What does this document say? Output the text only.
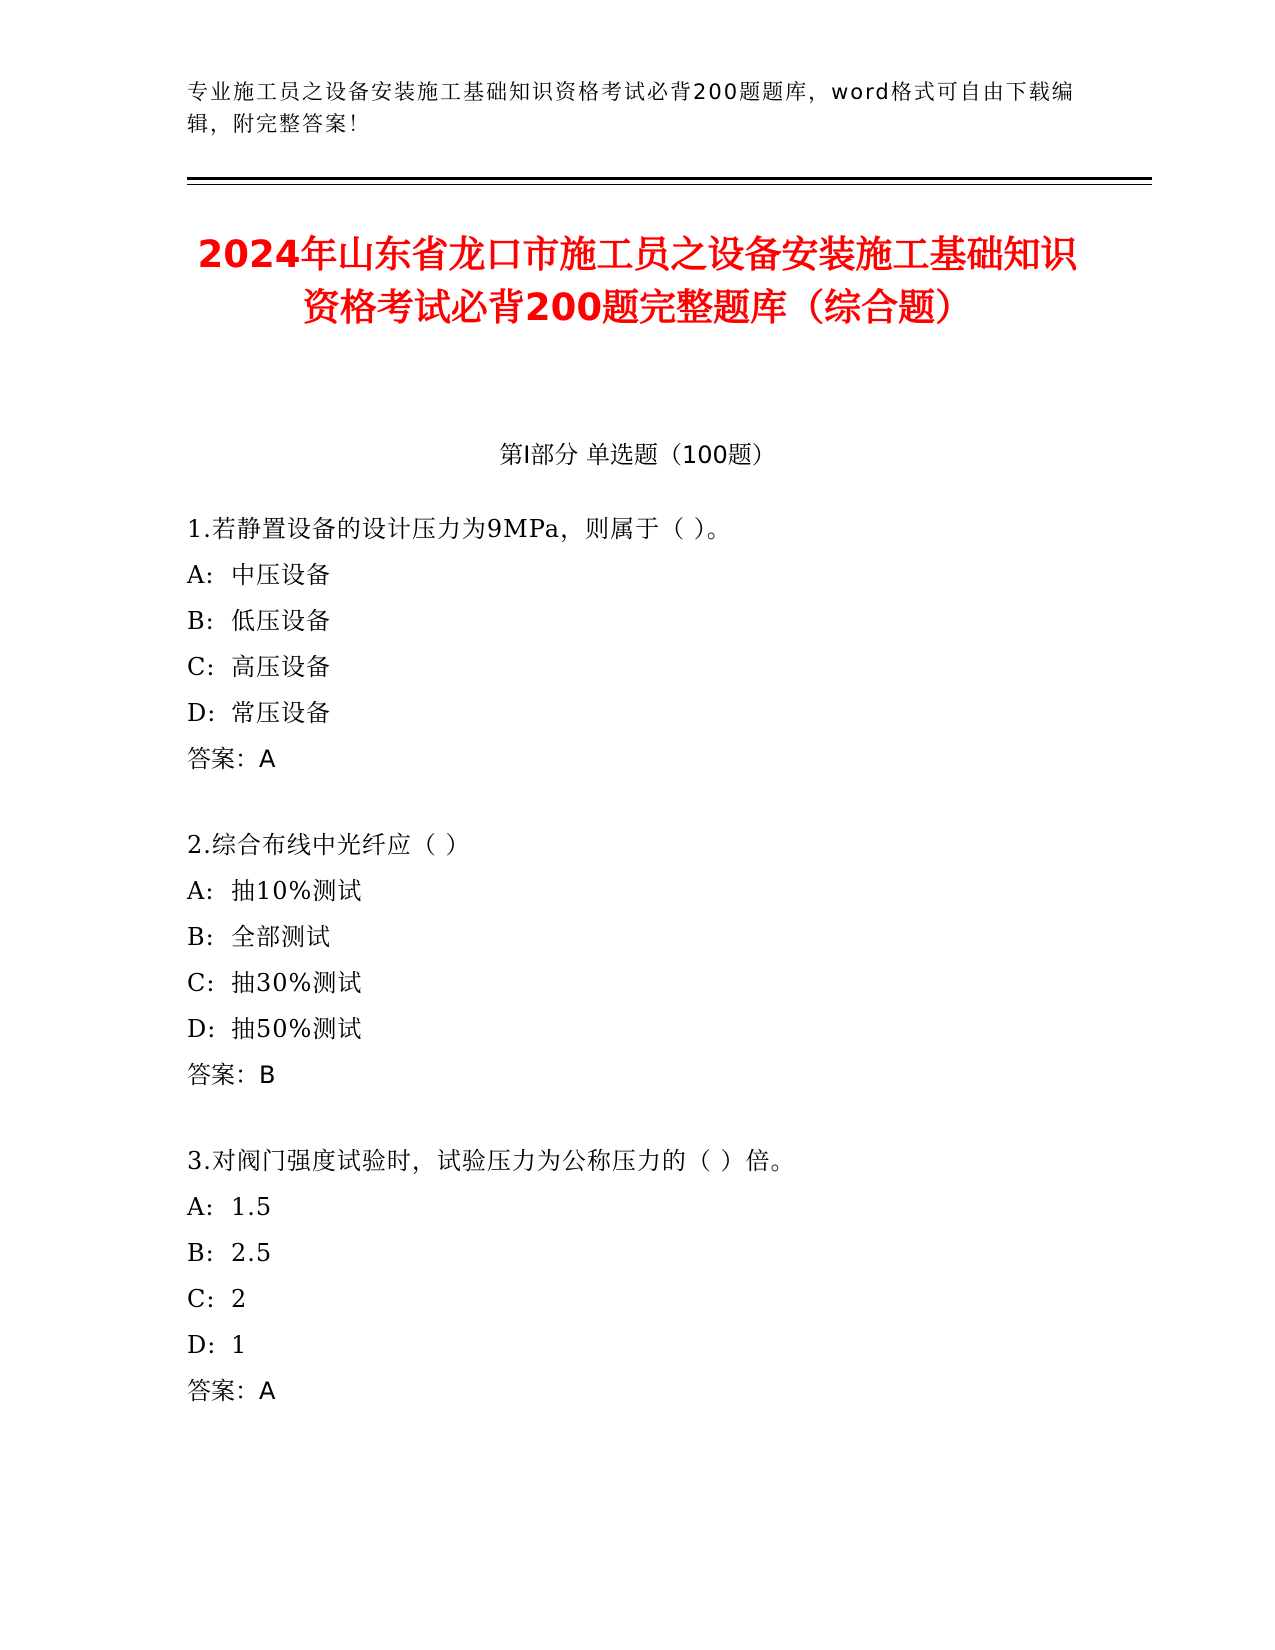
专业施工员之设备安装施工基础知识资格考试必背200题题库，word格式可自由下载编辑，附完整答案！
2024年山东省龙口市施工员之设备安装施工基础知识资格考试必背200题完整题库（综合题）
第Ⅰ部分 单选题（100题）
1.若静置设备的设计压力为9MPa，则属于（ ）。
A: 中压设备
B: 低压设备
C: 高压设备
D: 常压设备
答案：A
2.综合布线中光纤应（ ）
A: 抽10%测试
B: 全部测试
C: 抽30%测试
D: 抽50%测试
答案：B
3.对阀门强度试验时，试验压力为公称压力的（ ）倍。
A: 1.5
B: 2.5
C: 2
D: 1
答案：A
